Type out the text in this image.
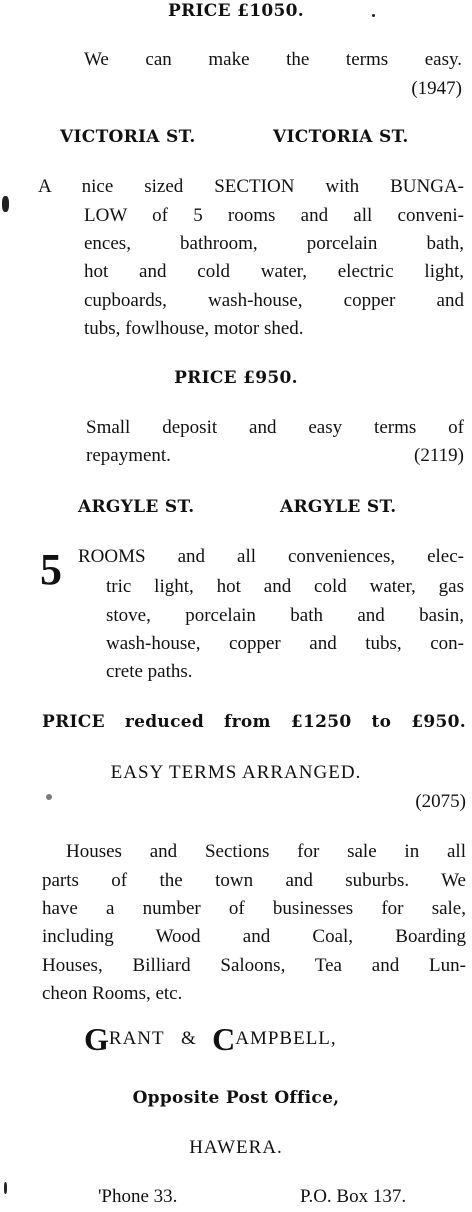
PRICE £1050.
We can make the terms easy.
(1947)
VICTORIA ST.	VICTORIA ST.
A nice sized SECTION with BUNGA-
LOW of 5 rooms and all conveni-
ences, bathroom, porcelain bath,
hot and cold water, electric light,
cupboards, wash-house, copper and
tubs, fowlhouse, motor shed.
PRICE £950.
Small deposit and easy terms of
repayment.	(2119)
ARGYLE ST.	ARGYLE ST.
5 ROOMS and all conveniences, elec-
tric light, hot and cold water, gas
stove, porcelain bath and basin,
wash-house, copper and tubs, con-
crete paths.
PRICE reduced from £1250 to £950.
EASY TERMS ARRANGED.
(2075)
Houses and Sections for sale in all
parts of the town and suburbs. We
have a number of businesses for sale,
including Wood and Coal, Boarding
Houses, Billiard Saloons, Tea and Lun-
cheon Rooms, etc.
GRANT & CAMPBELL,
Opposite Post Office,
HAWERA.
'Phone 33.	P.O. Box 137.
